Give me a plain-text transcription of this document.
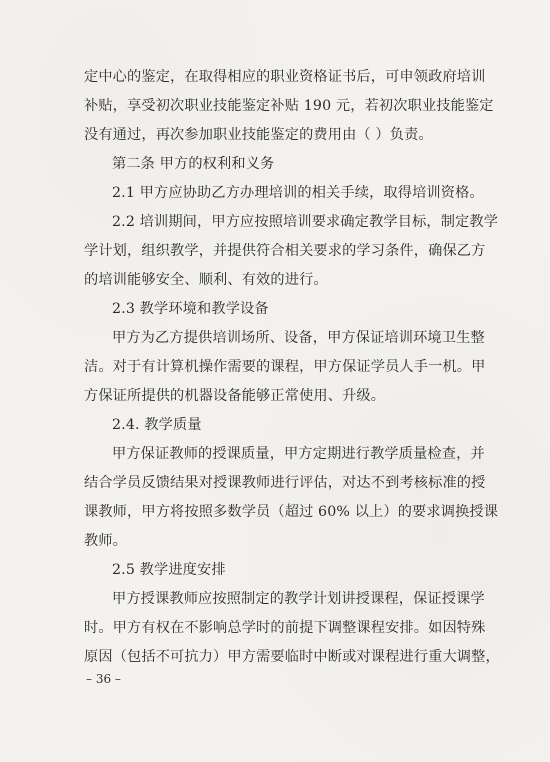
定中心的鉴定，在取得相应的职业资格证书后，可申领政府培训
补贴，享受初次职业技能鉴定补贴 190 元，若初次职业技能鉴定
没有通过，再次参加职业技能鉴定的费用由（ ）负责。
第二条 甲方的权利和义务
2.1 甲方应协助乙方办理培训的相关手续，取得培训资格。
2.2 培训期间，甲方应按照培训要求确定教学目标，制定教学
学计划，组织教学，并提供符合相关要求的学习条件，确保乙方
的培训能够安全、顺利、有效的进行。
2.3 教学环境和教学设备
甲方为乙方提供培训场所、设备，甲方保证培训环境卫生整
洁。对于有计算机操作需要的课程，甲方保证学员人手一机。甲
方保证所提供的机器设备能够正常使用、升级。
2.4. 教学质量
甲方保证教师的授课质量，甲方定期进行教学质量检查，并
结合学员反馈结果对授课教师进行评估，对达不到考核标准的授
课教师，甲方将按照多数学员（超过 60% 以上）的要求调换授课
教师。
2.5 教学进度安排
甲方授课教师应按照制定的教学计划讲授课程，保证授课学
时。甲方有权在不影响总学时的前提下调整课程安排。如因特殊
原因（包括不可抗力）甲方需要临时中断或对课程进行重大调整，
– 36 –
